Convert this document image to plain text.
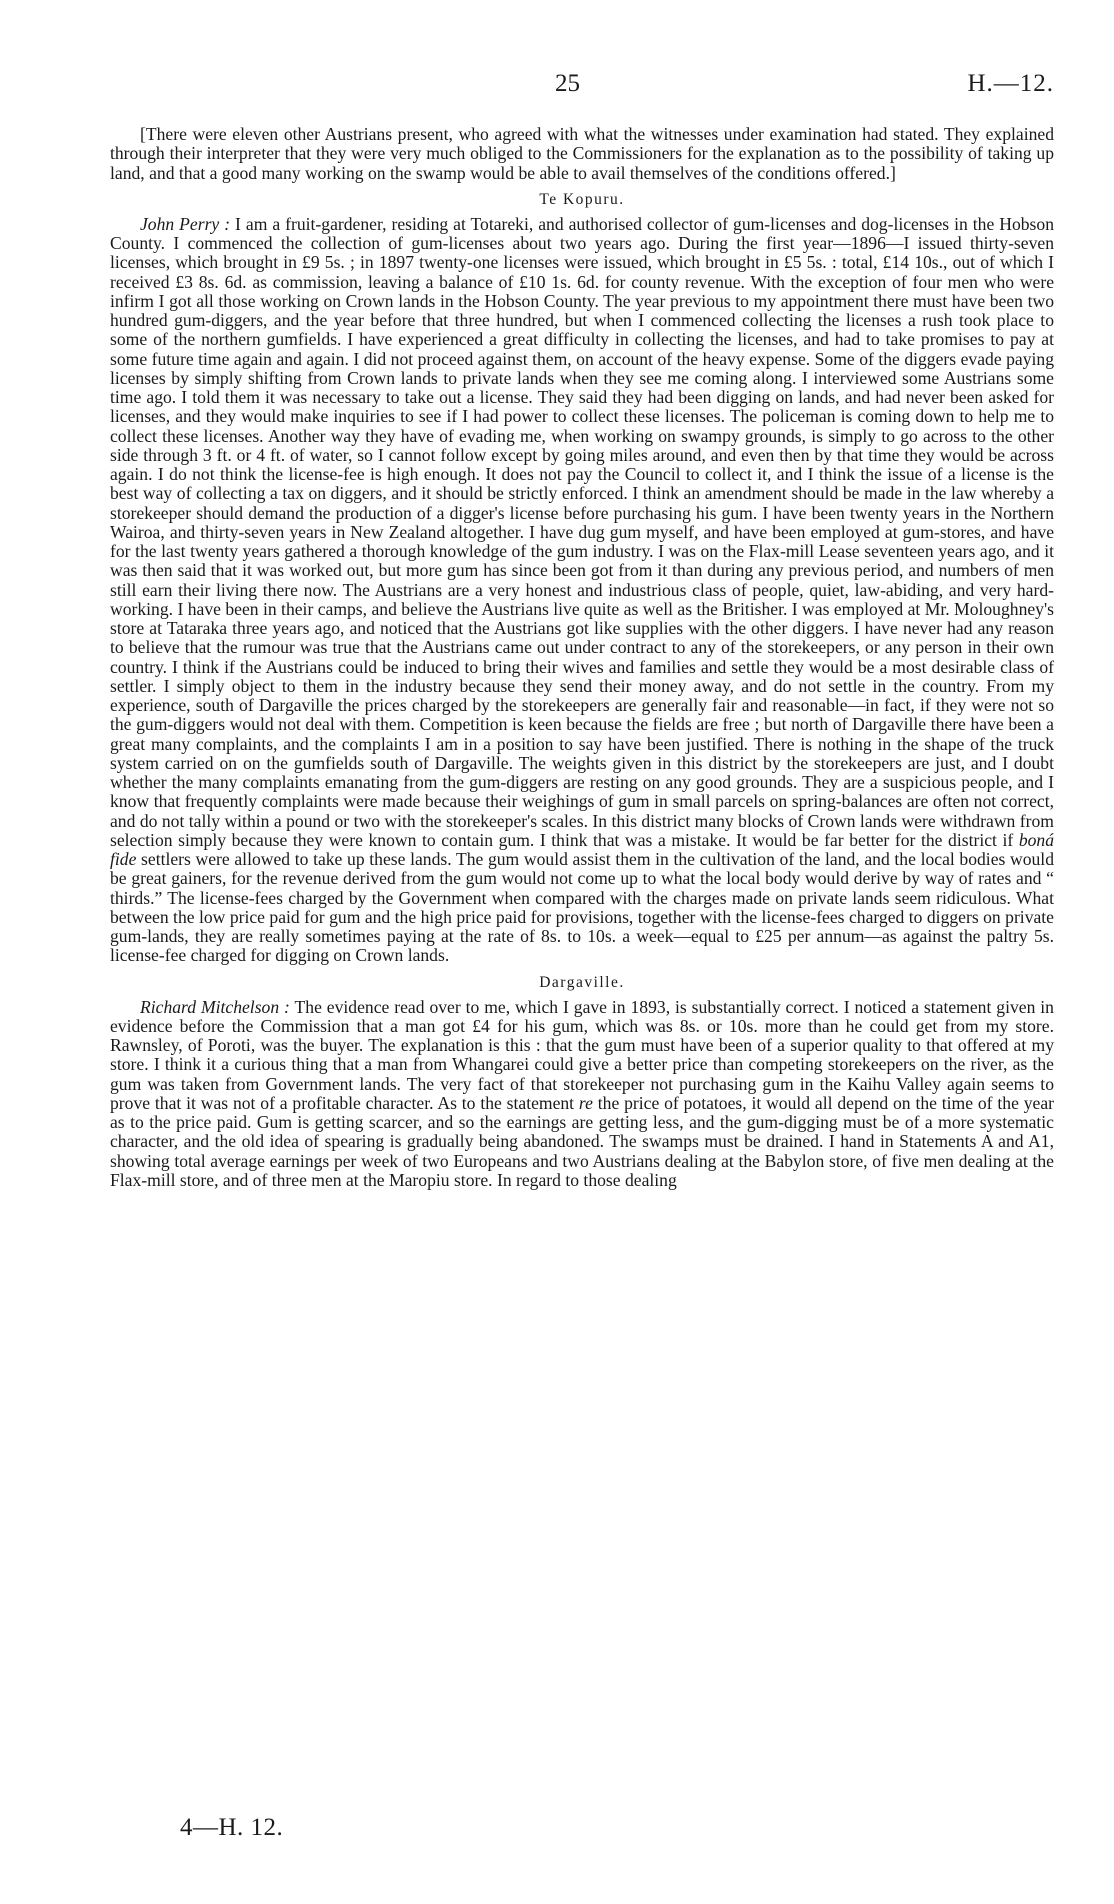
25	H.—12.

[There were eleven other Austrians present, who agreed with what the witnesses under examination had stated. They explained through their interpreter that they were very much obliged to the Commissioners for the explanation as to the possibility of taking up land, and that a good many working on the swamp would be able to avail themselves of the conditions offered.]

Te Kopuru.

John Perry : I am a fruit-gardener, residing at Totareki, and authorised collector of gum-licenses and dog-licenses in the Hobson County. I commenced the collection of gum-licenses about two years ago. During the first year—1896—I issued thirty-seven licenses, which brought in £9 5s. ; in 1897 twenty-one licenses were issued, which brought in £5 5s. : total, £14 10s., out of which I received £3 8s. 6d. as commission, leaving a balance of £10 1s. 6d. for county revenue. With the exception of four men who were infirm I got all those working on Crown lands in the Hobson County. The year previous to my appointment there must have been two hundred gum-diggers, and the year before that three hundred, but when I commenced collecting the licenses a rush took place to some of the northern gumfields. I have experienced a great difficulty in collecting the licenses, and had to take promises to pay at some future time again and again. I did not proceed against them, on account of the heavy expense. Some of the diggers evade paying licenses by simply shifting from Crown lands to private lands when they see me coming along. I interviewed some Austrians some time ago. I told them it was necessary to take out a license. They said they had been digging on lands, and had never been asked for licenses, and they would make inquiries to see if I had power to collect these licenses. The policeman is coming down to help me to collect these licenses. Another way they have of evading me, when working on swampy grounds, is simply to go across to the other side through 3 ft. or 4 ft. of water, so I cannot follow except by going miles around, and even then by that time they would be across again. I do not think the license-fee is high enough. It does not pay the Council to collect it, and I think the issue of a license is the best way of collecting a tax on diggers, and it should be strictly enforced. I think an amendment should be made in the law whereby a storekeeper should demand the production of a digger's license before purchasing his gum. I have been twenty years in the Northern Wairoa, and thirty-seven years in New Zealand altogether. I have dug gum myself, and have been employed at gum-stores, and have for the last twenty years gathered a thorough knowledge of the gum industry. I was on the Flax-mill Lease seventeen years ago, and it was then said that it was worked out, but more gum has since been got from it than during any previous period, and numbers of men still earn their living there now. The Austrians are a very honest and industrious class of people, quiet, law-abiding, and very hard-working. I have been in their camps, and believe the Austrians live quite as well as the Britisher. I was employed at Mr. Moloughney's store at Tataraka three years ago, and noticed that the Austrians got like supplies with the other diggers. I have never had any reason to believe that the rumour was true that the Austrians came out under contract to any of the storekeepers, or any person in their own country. I think if the Austrians could be induced to bring their wives and families and settle they would be a most desirable class of settler. I simply object to them in the industry because they send their money away, and do not settle in the country. From my experience, south of Dargaville the prices charged by the storekeepers are generally fair and reasonable—in fact, if they were not so the gum-diggers would not deal with them. Competition is keen because the fields are free ; but north of Dargaville there have been a great many complaints, and the complaints I am in a position to say have been justified. There is nothing in the shape of the truck system carried on on the gumfields south of Dargaville. The weights given in this district by the storekeepers are just, and I doubt whether the many complaints emanating from the gum-diggers are resting on any good grounds. They are a suspicious people, and I know that frequently complaints were made because their weighings of gum in small parcels on spring-balances are often not correct, and do not tally within a pound or two with the storekeeper's scales. In this district many blocks of Crown lands were withdrawn from selection simply because they were known to contain gum. I think that was a mistake. It would be far better for the district if boná fide settlers were allowed to take up these lands. The gum would assist them in the cultivation of the land, and the local bodies would be great gainers, for the revenue derived from the gum would not come up to what the local body would derive by way of rates and “ thirds.” The license-fees charged by the Government when compared with the charges made on private lands seem ridiculous. What between the low price paid for gum and the high price paid for provisions, together with the license-fees charged to diggers on private gum-lands, they are really sometimes paying at the rate of 8s. to 10s. a week—equal to £25 per annum—as against the paltry 5s. license-fee charged for digging on Crown lands.

Dargaville.

Richard Mitchelson : The evidence read over to me, which I gave in 1893, is substantially correct. I noticed a statement given in evidence before the Commission that a man got £4 for his gum, which was 8s. or 10s. more than he could get from my store. Rawnsley, of Poroti, was the buyer. The explanation is this : that the gum must have been of a superior quality to that offered at my store. I think it a curious thing that a man from Whangarei could give a better price than competing storekeepers on the river, as the gum was taken from Government lands. The very fact of that storekeeper not purchasing gum in the Kaihu Valley again seems to prove that it was not of a profitable character. As to the statement re the price of potatoes, it would all depend on the time of the year as to the price paid. Gum is getting scarcer, and so the earnings are getting less, and the gum-digging must be of a more systematic character, and the old idea of spearing is gradually being abandoned. The swamps must be drained. I hand in Statements A and A1, showing total average earnings per week of two Europeans and two Austrians dealing at the Babylon store, of five men dealing at the Flax-mill store, and of three men at the Maropiu store. In regard to those dealing

4—H. 12.
